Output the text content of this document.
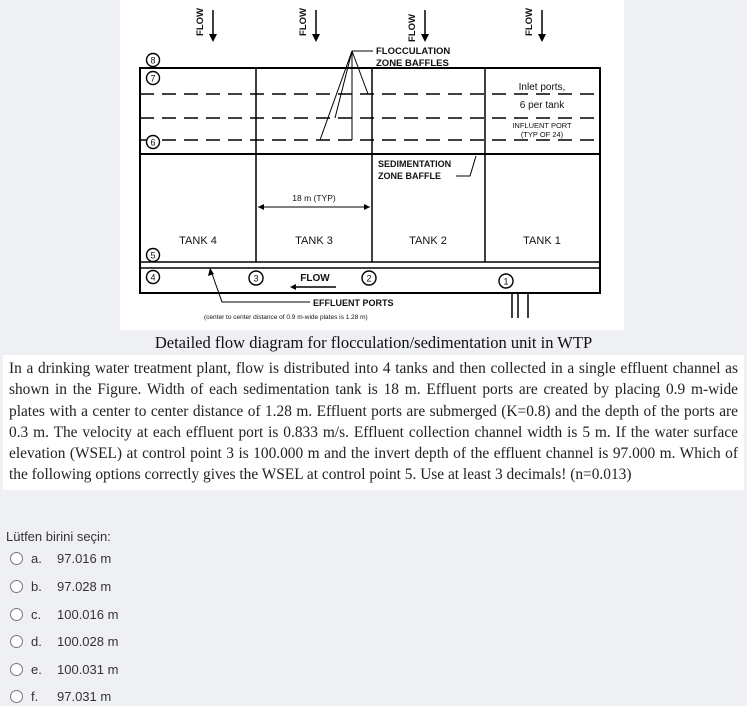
FLOW	FLOW	FLOW	FLOW
FLOCCULATION
ZONE BAFFLES
Inlet ports,
6 per tank
INFLUENT PORT
(TYP OF 24)
SEDIMENTATION
ZONE BAFFLE
18 m (TYP)
TANK 4	TANK 3	TANK 2	TANK 1
FLOW
EFFLUENT PORTS
(center to center distance of 0.9 m-wide plates is 1.28 m)
8
7
6
5
4	3	2	1
Detailed flow diagram for flocculation/sedimentation unit in WTP
In a drinking water treatment plant, flow is distributed into 4 tanks and then collected in a single effluent channel as shown in the Figure. Width of each sedimentation tank is 18 m. Effluent ports are created by placing 0.9 m-wide plates with a center to center distance of 1.28 m. Effluent ports are submerged (K=0.8) and the depth of the ports are 0.3 m. The velocity at each effluent port is 0.833 m/s. Effluent collection channel width is 5 m. If the water surface elevation (WSEL) at control point 3 is 100.000 m and the invert depth of the effluent channel is 97.000 m. Which of the following options correctly gives the WSEL at control point 5. Use at least 3 decimals! (n=0.013)
Lütfen birini seçin:
a.	97.016 m
b.	97.028 m
c.	100.016 m
d.	100.028 m
e.	100.031 m
f.	97.031 m
